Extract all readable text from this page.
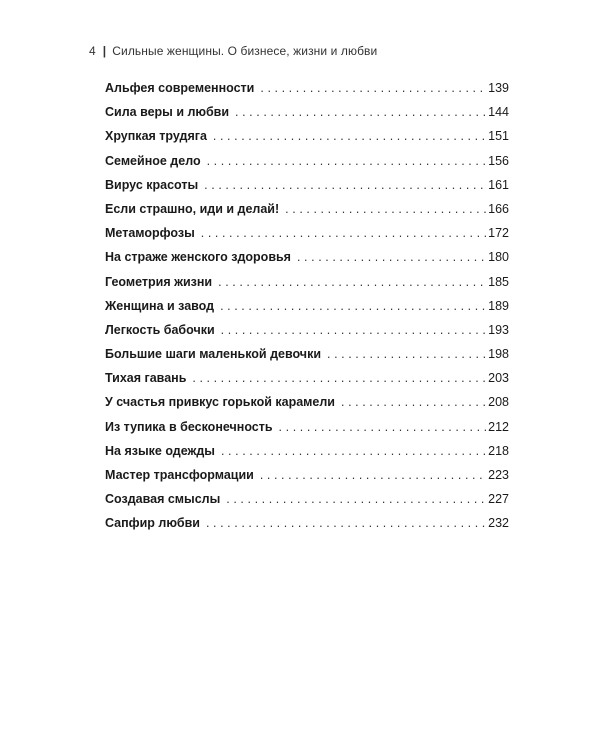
4 | Сильные женщины. О бизнесе, жизни и любви
Альфея современности .....	139
Сила веры и любви .....	144
Хрупкая трудяга .....	151
Семейное дело .....	156
Вирус красоты .....	161
Если страшно, иди и делай! .....	166
Метаморфозы .....	172
На страже женского здоровья .....	180
Геометрия жизни .....	185
Женщина и завод .....	189
Легкость бабочки .....	193
Большие шаги маленькой девочки .....	198
Тихая гавань .....	203
У счастья привкус горькой карамели .....	208
Из тупика в бесконечность .....	212
На языке одежды .....	218
Мастер трансформации .....	223
Создавая смыслы .....	227
Сапфир любви .....	232
